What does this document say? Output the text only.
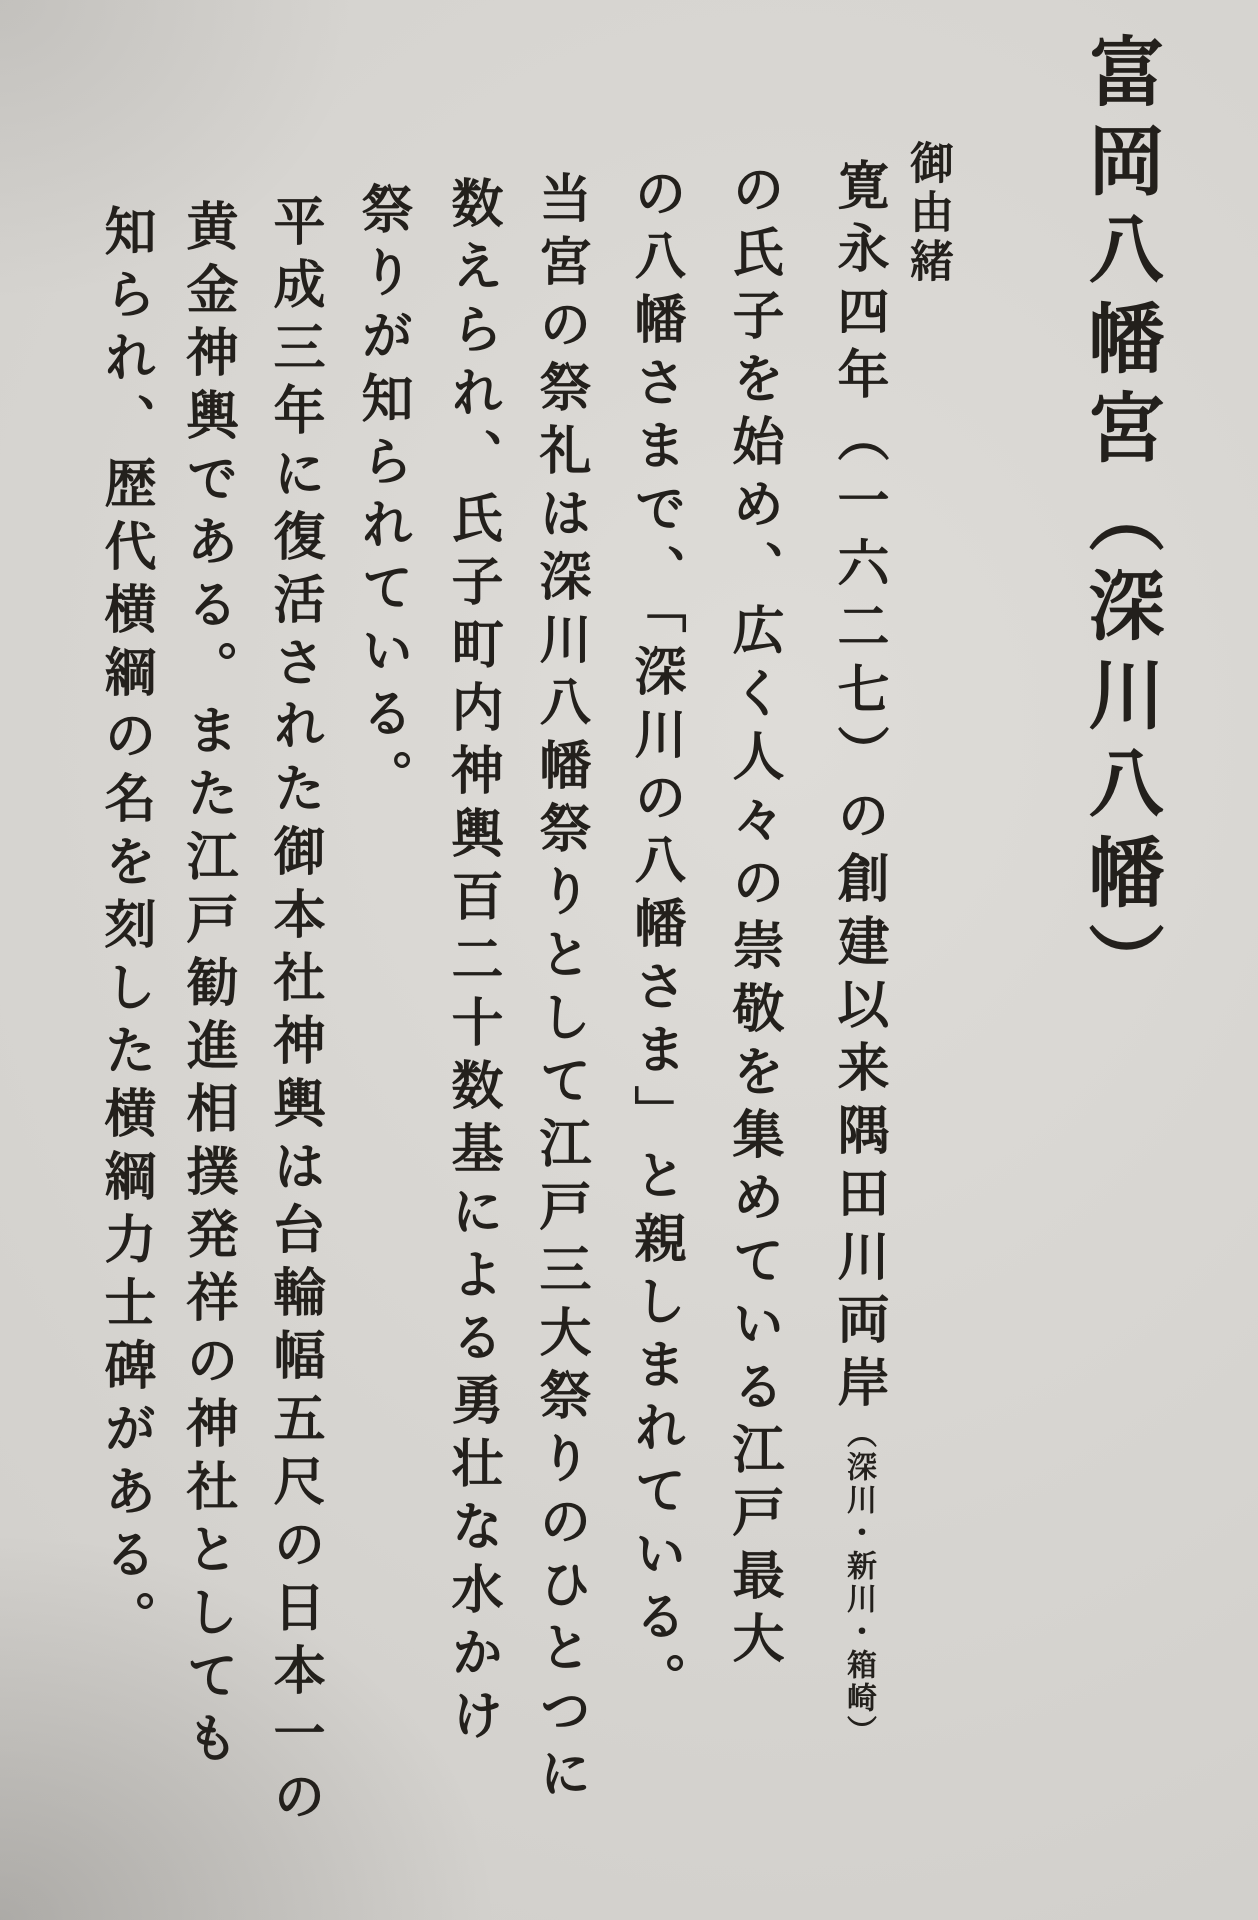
富岡八幡宮（深川八幡）
御由緒
寛永四年（一六二七）の創建以来隅田川両岸（深川・新川・箱崎）
の氏子を始め、広く人々の崇敬を集めている江戸最大
の八幡さまで、「深川の八幡さま」と親しまれている。
当宮の祭礼は深川八幡祭りとして江戸三大祭りのひとつに
数えられ、氏子町内神輿百二十数基による勇壮な水かけ
祭りが知られている。
平成三年に復活された御本社神輿は台輪幅五尺の日本一の
黄金神輿である。また江戸勧進相撲発祥の神社としても
知られ、歴代横綱の名を刻した横綱力士碑がある。
